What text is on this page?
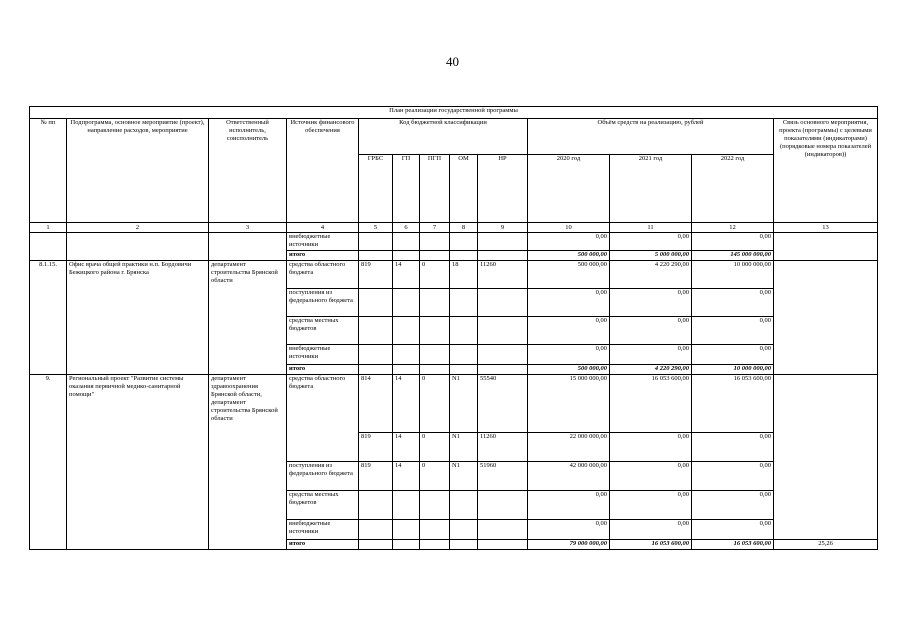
40
План реализации государственной программы												
№ пп	Подпрограмма, основное мероприятие (проект), направление расходов, мероприятие	Ответственный исполнитель, соисполнитель	Источник финансового обеспечения	Код бюджетной классификации					Объём средств на реализацию, рублей			Связь основного мероприятия, проекта (программы) с целевыми показателями (индикаторами) (порядковые номера показателей (индикаторов))
				ГРБС	ГП	ПГП	ОМ	НР	2020 год	2021 год	2022 год	
1	2	3	4	5	6	7	8	9	10	11	12	13
			внебюджетные источники						0,00	0,00	0,00	
			итого						500 000,00	5 000 000,00	145 000 000,00	
8.1.15.	Офис врача общей практики н.п. Бордовичи Бежицкого района г. Брянска	департамент строительства Брянской области	средства областного бюджета	819	14	0	18	11260	500 000,00	4 220 290,00	10 000 000,00	
			поступления из федерального бюджета						0,00	0,00	0,00	
			средства местных бюджетов						0,00	0,00	0,00	
			внебюджетные источники						0,00	0,00	0,00	
			итого						500 000,00	4 220 290,00	10 000 000,00	
9.	Региональный проект "Развитие системы оказания первичной медико-санитарной помощи"	департамент здравоохранения Брянской области, департамент строительства Брянской области	средства областного бюджета	814	14	0	N1	55540	15 000 000,00	16 053 600,00	16 053 600,00	
				819	14	0	N1	11260	22 000 000,00	0,00	0,00	
			поступления из федерального бюджета	819	14	0	N1	51960	42 000 000,00	0,00	0,00	
			средства местных бюджетов						0,00	0,00	0,00	
			внебюджетные источники						0,00	0,00	0,00	
			итого						79 000 000,00	16 053 600,00	16 053 600,00	25,26
